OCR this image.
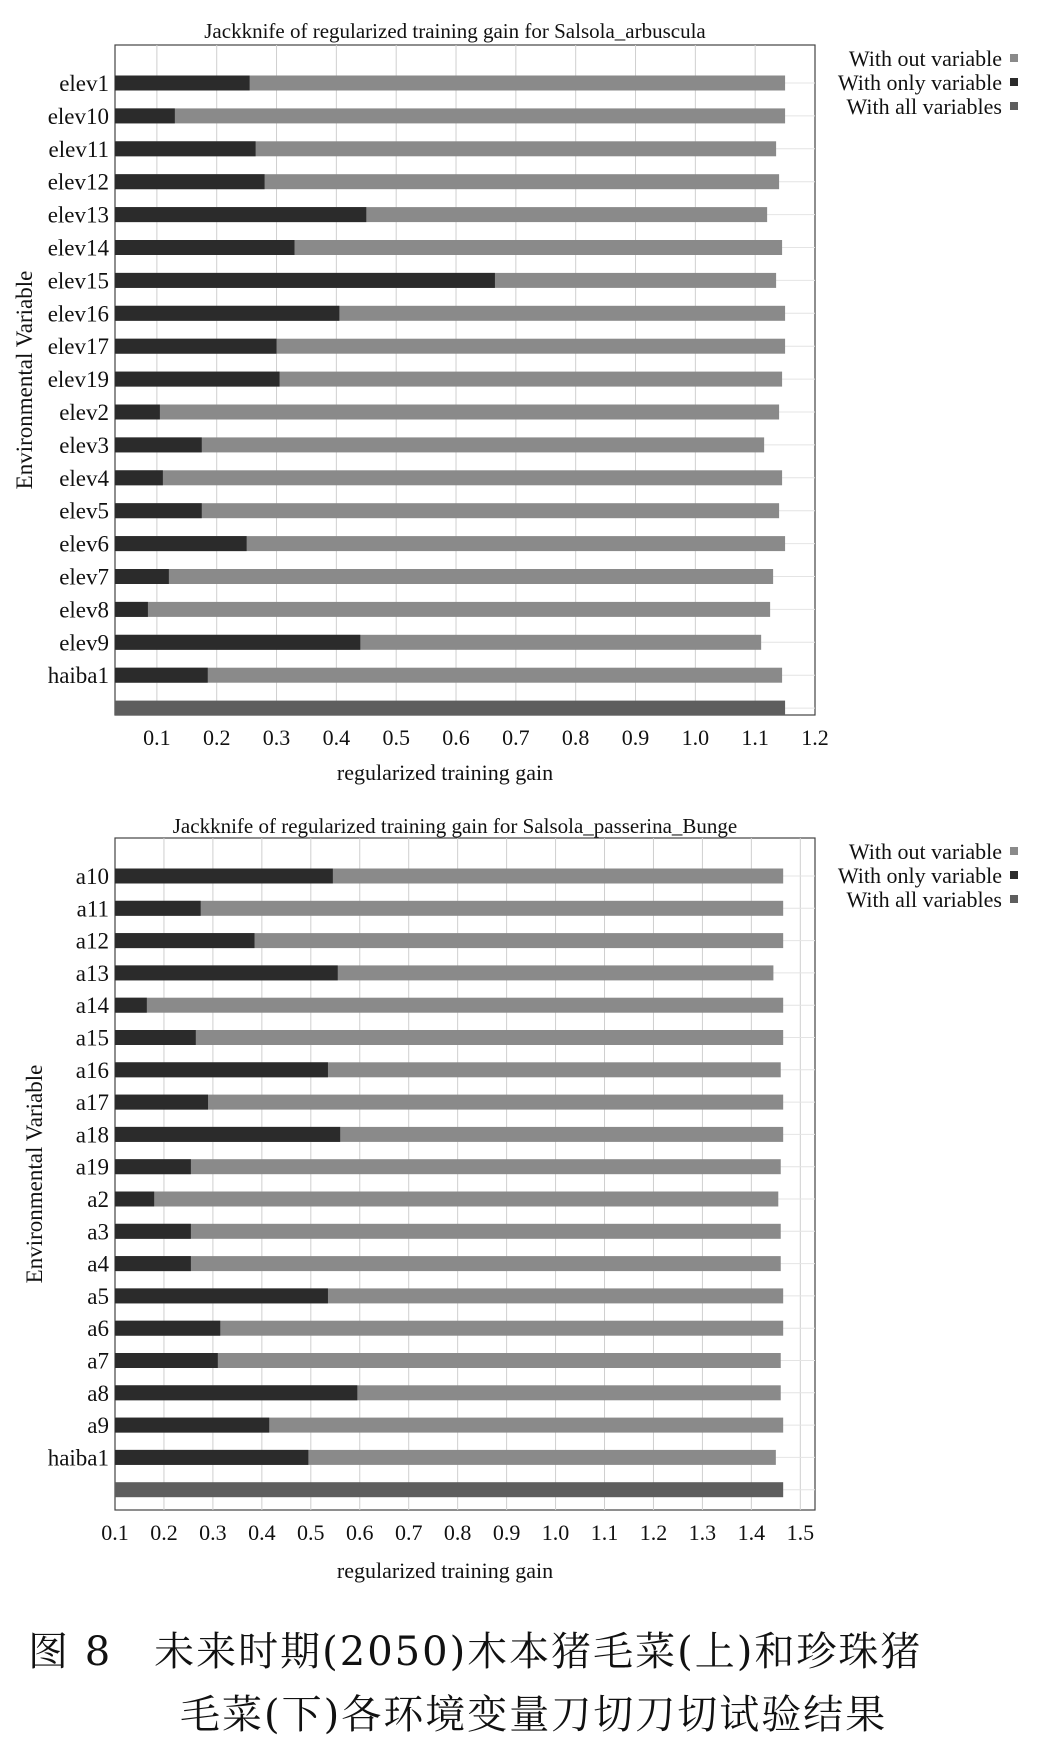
0.1 0.2 0.3 0.4 0.5 0.6 0.7 0.8 0.9 1.0 1.1 1.2
elev1
elev10
elev11
elev12
elev13
elev14
elev15
elev16
elev17
elev19
elev2
elev3
elev4
elev5
elev6
elev7
elev8
elev9
haiba1
Jackknife of regularized training gain for Salsola_arbuscula
regularized training gain
Environmental Variable
With out variable
With only variable
With all variables
0.1 0.2 0.3 0.4 0.5 0.6 0.7 0.8 0.9 1.0 1.1 1.2 1.3 1.4 1.5
a10
a11
a12
a13
a14
a15
a16
a17
a18
a19
a2
a3
a4
a5
a6
a7
a8
a9
haiba1
Jackknife of regularized training gain for Salsola_passerina_Bunge
regularized training gain
Environmental Variable
With out variable
With only variable
With all variables
图 8　未来时期(2050)木本猪毛菜(上)和珍珠猪
毛菜(下)各环境变量刀切刀切试验结果
